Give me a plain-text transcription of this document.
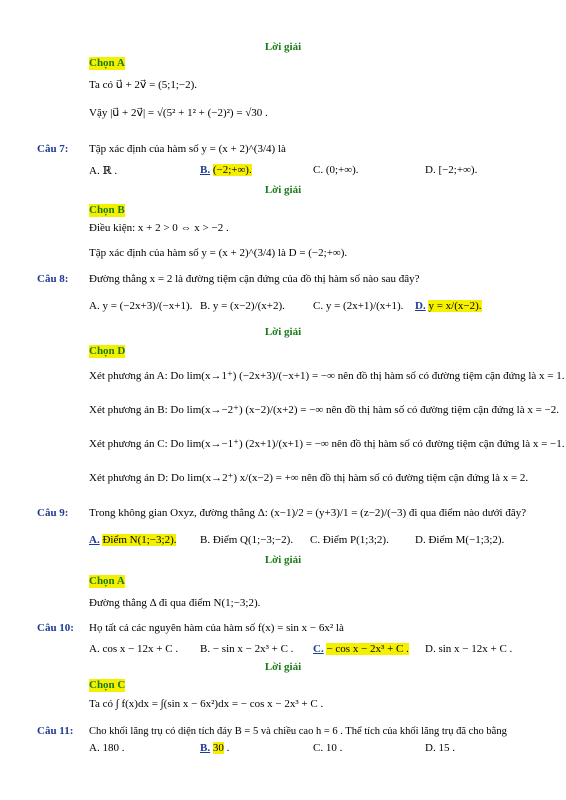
Lời giải
Chọn A
Ta có u⃗ + 2v⃗ = (5;1;−2).
Vậy |u⃗ + 2v⃗| = √(5² + 1² + (−2)²) = √30 .
Câu 7: Tập xác định của hàm số y = (x + 2)^(3/4) là
A. ℝ .	B. (−2;+∞).	C. (0;+∞).	D. [−2;+∞).
Lời giải
Chọn B
Điều kiện: x + 2 > 0 ⇔ x > −2 .
Tập xác định của hàm số y = (x + 2)^(3/4) là D = (−2;+∞).
Câu 8: Đường thẳng x = 2 là đường tiệm cận đứng của đồ thị hàm số nào sau đây?
A. y = (−2x+3)/(−x+1). B. y = (x−2)/(x+2).	C. y = (2x+1)/(x+1). D. y = x/(x−2).
Lời giải
Chọn D
Xét phương án A: Do lim(x→1⁺) (−2x+3)/(−x+1) = −∞ nên đồ thị hàm số có đường tiệm cận đứng là x = 1.
Xét phương án B: Do lim(x→−2⁺) (x−2)/(x+2) = −∞ nên đồ thị hàm số có đường tiệm cận đứng là x = −2.
Xét phương án C: Do lim(x→−1⁺) (2x+1)/(x+1) = −∞ nên đồ thị hàm số có đường tiệm cận đứng là x = −1.
Xét phương án D: Do lim(x→2⁺) x/(x−2) = +∞ nên đồ thị hàm số có đường tiệm cận đứng là x = 2.
Câu 9: Trong không gian Oxyz, đường thẳng Δ: (x−1)/2 = (y+3)/1 = (z−2)/(−3) đi qua điểm nào dưới đây?
A. Điểm N(1;−3;2). B. Điểm Q(1;−3;−2). C. Điểm P(1;3;2). D. Điểm M(−1;3;2).
Lời giải
Chọn A
Đường thẳng Δ đi qua điểm N(1;−3;2).
Câu 10: Họ tất cả các nguyên hàm của hàm số f(x) = sin x − 6x² là
A. cos x − 12x + C . B. − sin x − 2x³ + C . C. − cos x − 2x³ + C . D. sin x − 12x + C .
Lời giải
Chọn C
Ta có ∫ f(x)dx = ∫(sin x − 6x²)dx = − cos x − 2x³ + C .
Câu 11: Cho khối lăng trụ có diện tích đáy B = 5 và chiều cao h = 6 . Thể tích của khối lăng trụ đã cho bằng
A. 180 .	B. 30 .	C. 10 .	D. 15 .
